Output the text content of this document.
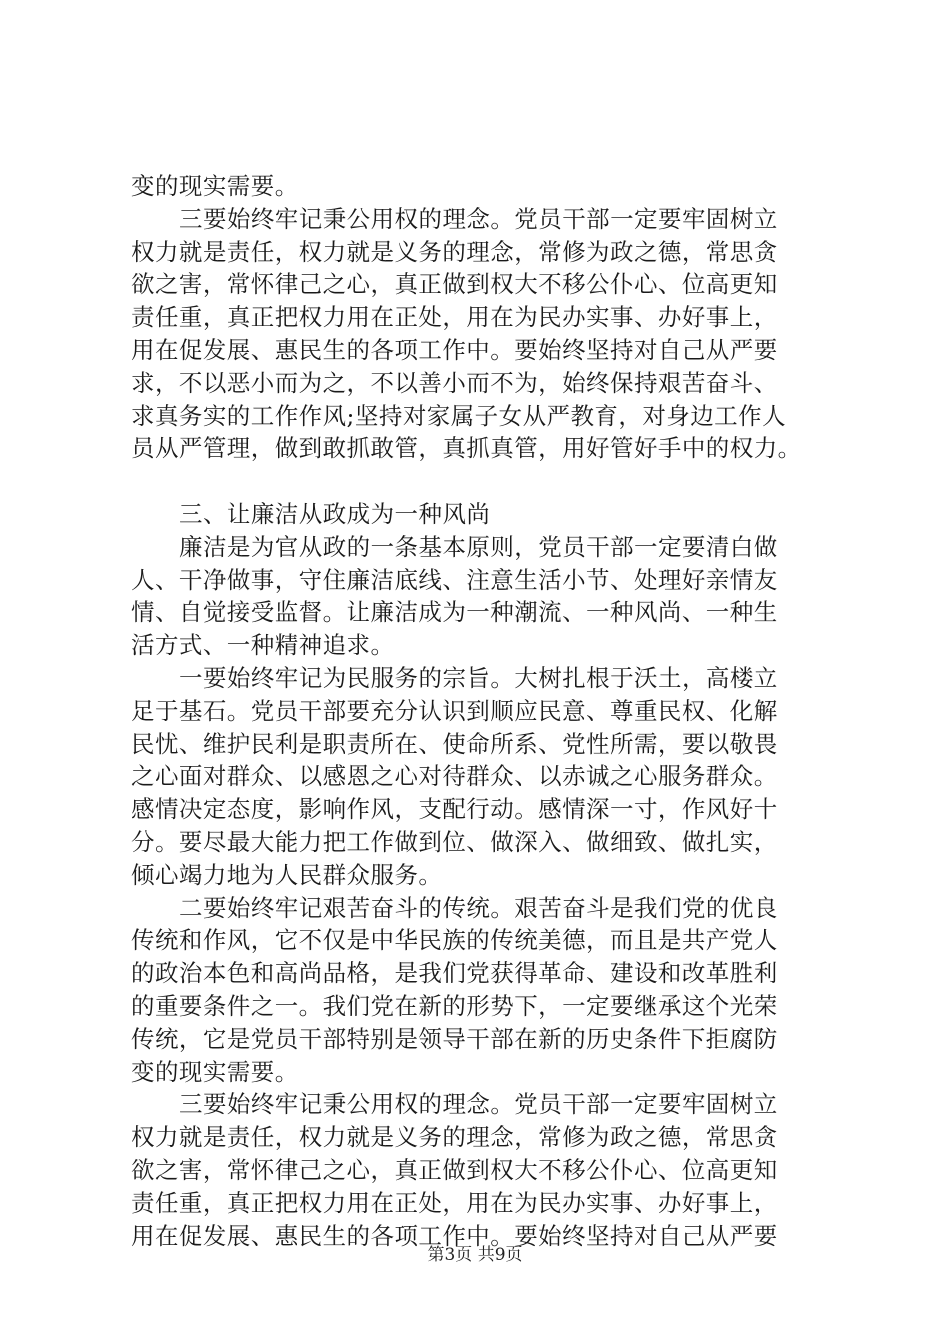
变的现实需要。
三要始终牢记秉公用权的理念。党员干部一定要牢固树立
权力就是责任，权力就是义务的理念，常修为政之德，常思贪
欲之害，常怀律己之心，真正做到权大不移公仆心、位高更知
责任重，真正把权力用在正处，用在为民办实事、办好事上，
用在促发展、惠民生的各项工作中。要始终坚持对自己从严要
求，不以恶小而为之，不以善小而不为，始终保持艰苦奋斗、
求真务实的工作作风;坚持对家属子女从严教育，对身边工作人
员从严管理，做到敢抓敢管，真抓真管，用好管好手中的权力。
三、让廉洁从政成为一种风尚
廉洁是为官从政的一条基本原则，党员干部一定要清白做
人、干净做事，守住廉洁底线、注意生活小节、处理好亲情友
情、自觉接受监督。让廉洁成为一种潮流、一种风尚、一种生
活方式、一种精神追求。
一要始终牢记为民服务的宗旨。大树扎根于沃土，高楼立
足于基石。党员干部要充分认识到顺应民意、尊重民权、化解
民忧、维护民利是职责所在、使命所系、党性所需，要以敬畏
之心面对群众、以感恩之心对待群众、以赤诚之心服务群众。
感情决定态度，影响作风，支配行动。感情深一寸，作风好十
分。要尽最大能力把工作做到位、做深入、做细致、做扎实，
倾心竭力地为人民群众服务。
二要始终牢记艰苦奋斗的传统。艰苦奋斗是我们党的优良
传统和作风，它不仅是中华民族的传统美德，而且是共产党人
的政治本色和高尚品格，是我们党获得革命、建设和改革胜利
的重要条件之一。我们党在新的形势下，一定要继承这个光荣
传统，它是党员干部特别是领导干部在新的历史条件下拒腐防
变的现实需要。
三要始终牢记秉公用权的理念。党员干部一定要牢固树立
权力就是责任，权力就是义务的理念，常修为政之德，常思贪
欲之害，常怀律己之心，真正做到权大不移公仆心、位高更知
责任重，真正把权力用在正处，用在为民办实事、办好事上，
用在促发展、惠民生的各项工作中。要始终坚持对自己从严要
第3页 共9页
